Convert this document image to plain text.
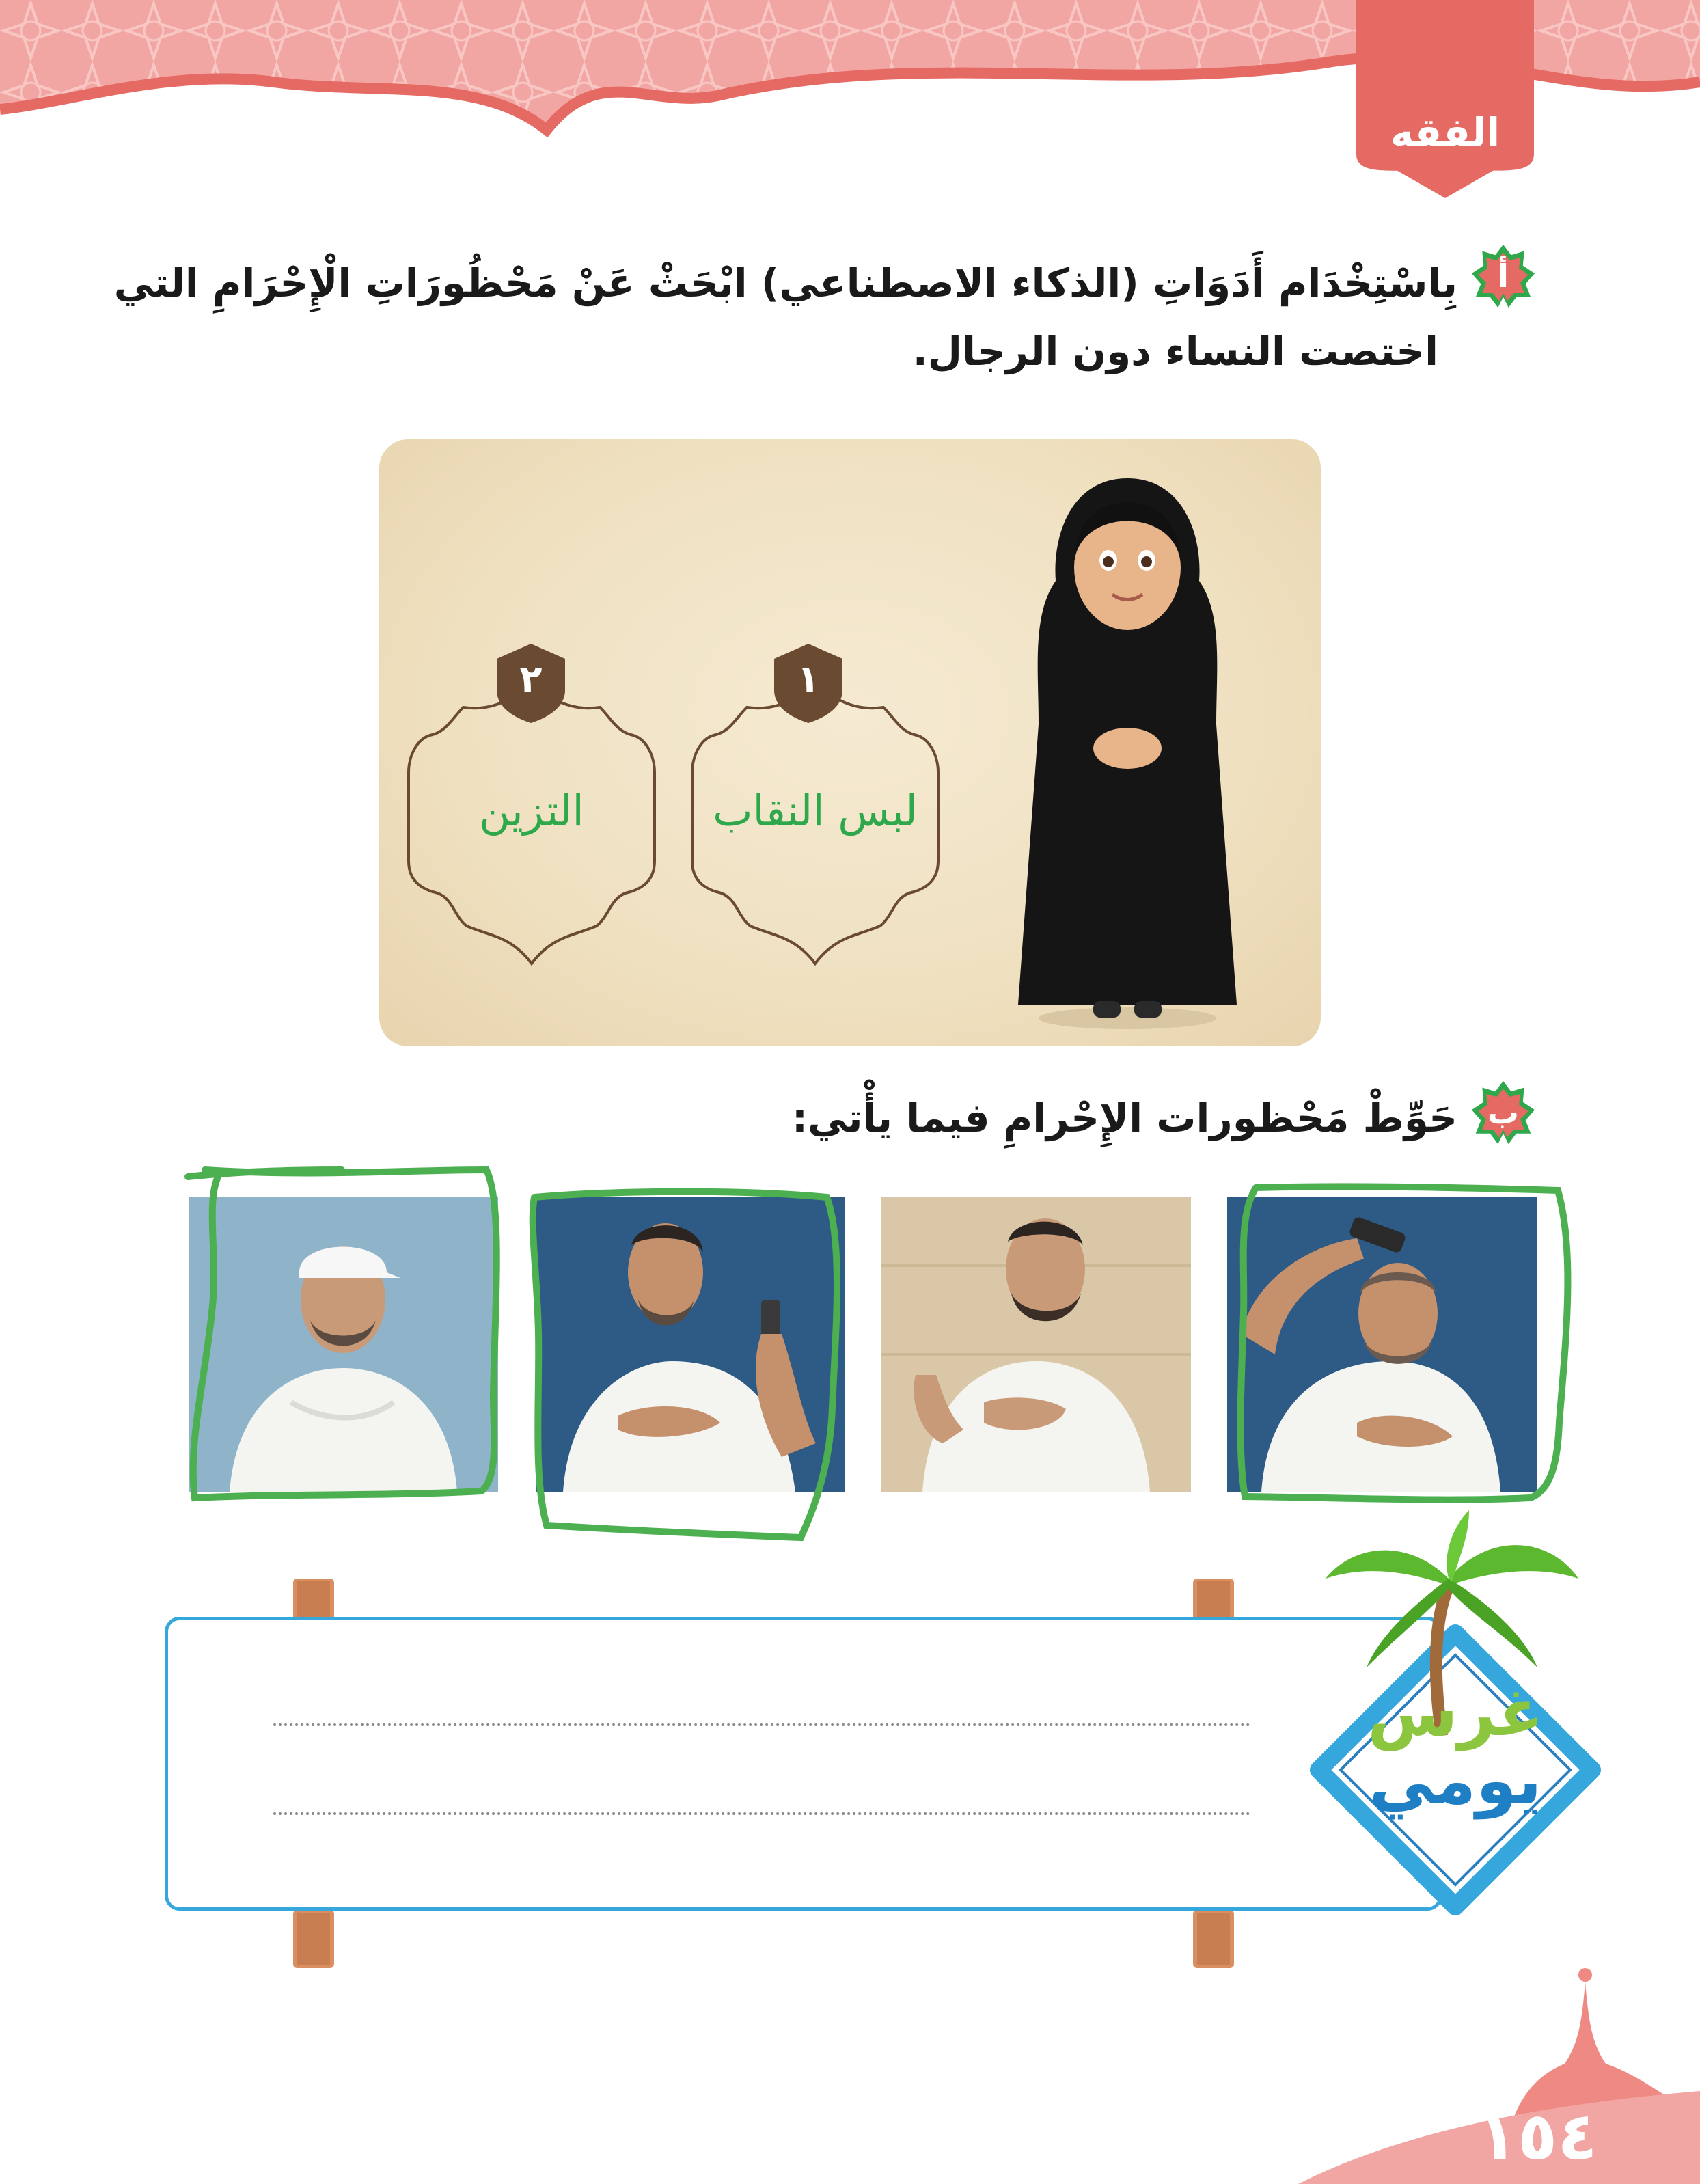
الفقه
أ
بِاسْتِخْدَام أَدَوَاتِ (الذكاء الاصطناعي) ابْحَثْ عَنْ مَحْظُورَاتِ الْإِحْرَامِ التي
اختصت النساء دون الرجال.
١
لبس النقاب
٢
التزين
ب
حَوِّطْ مَحْظورات الإِحْرامِ فيما يأْتي:
غرس
يومي
١٥٤
